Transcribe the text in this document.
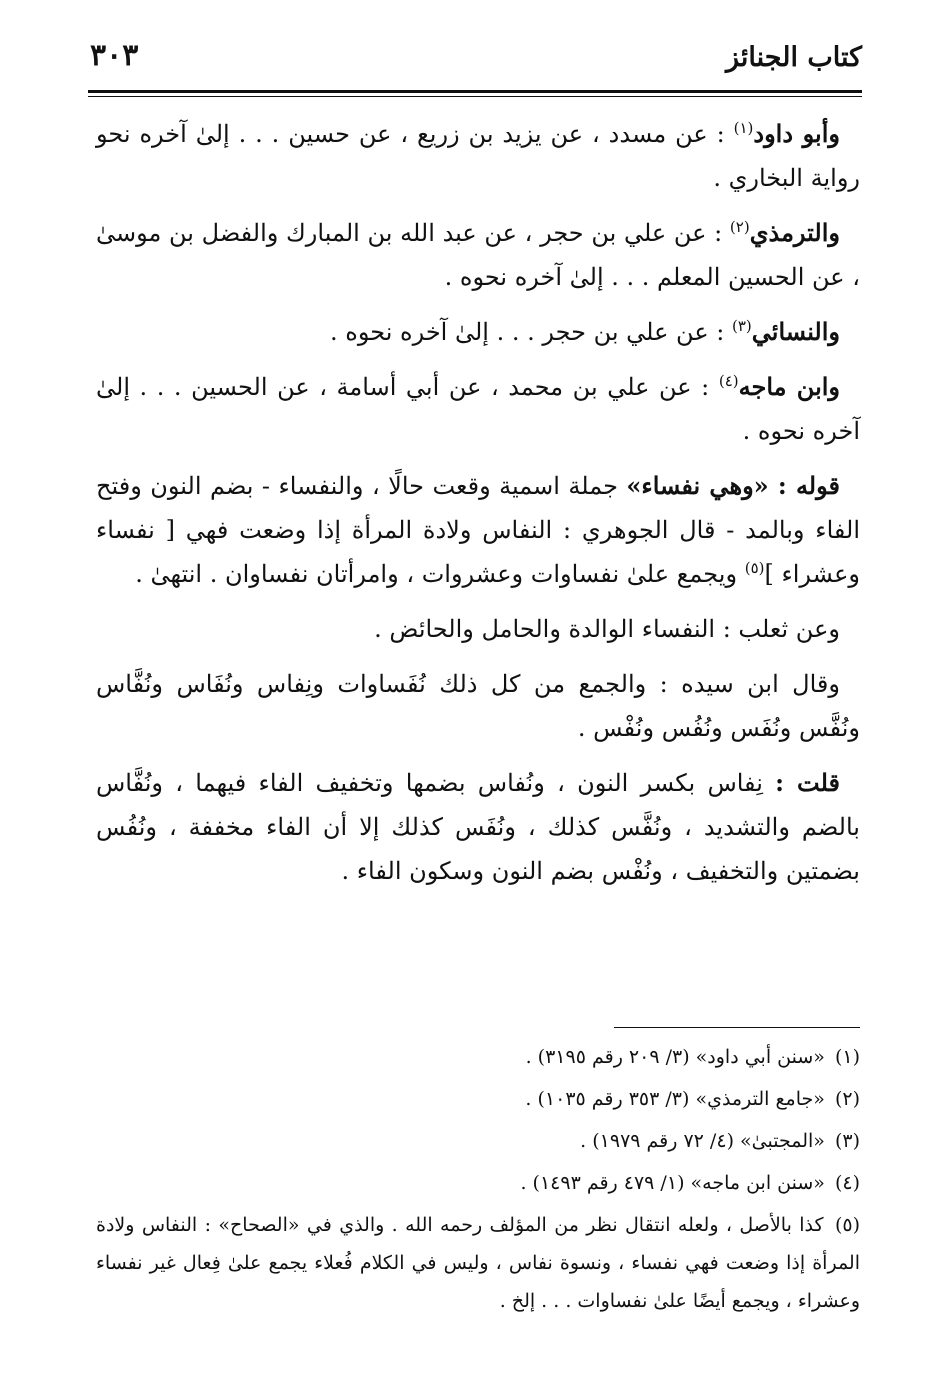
كتاب الجنائز
٣٠٣

وأبو داود$^{(١)}$ : عن مسدد ، عن يزيد بن زريع ، عن حسين . . . إلىٰ آخره نحو رواية البخاري .

والترمذي$^{(٢)}$ : عن علي بن حجر ، عن عبد الله بن المبارك والفضل بن موسىٰ ، عن الحسين المعلم . . . إلىٰ آخره نحوه .

والنسائي$^{(٣)}$ : عن علي بن حجر . . . إلىٰ آخره نحوه .

وابن ماجه$^{(٤)}$ : عن علي بن محمد ، عن أبي أسامة ، عن الحسين . . . إلىٰ آخره نحوه .

قوله : «وهي نفساء» جملة اسمية وقعت حالًا ، والنفساء - بضم النون وفتح الفاء وبالمد - قال الجوهري : النفاس ولادة المرأة إذا وضعت فهي [ نفساء وعشراء ]$^{(٥)}$ ويجمع علىٰ نفساوات وعشروات ، وامرأتان نفساوان . انتهىٰ .

وعن ثعلب : النفساء الوالدة والحامل والحائض .

وقال ابن سيده : والجمع من كل ذلك نُفَساوات ونِفاس ونُفَاس ونُفَّاس ونُفَّس ونُفَس ونُفُس ونُفْس .

قلت : نِفاس بكسر النون ، ونُفاس بضمها وتخفيف الفاء فيهما ، ونُفَّاس بالضم والتشديد ، ونُفَّس كذلك ، ونُفَس كذلك إلا أن الفاء مخففة ، ونُفُس بضمتين والتخفيف ، ونُفْس بضم النون وسكون الفاء .

(١) «سنن أبي داود» (٣/ ٢٠٩ رقم ٣١٩٥) .

(٢) «جامع الترمذي» (٣/ ٣٥٣ رقم ١٠٣٥) .

(٣) «المجتبىٰ» (٤/ ٧٢ رقم ١٩٧٩) .

(٤) «سنن ابن ماجه» (١/ ٤٧٩ رقم ١٤٩٣) .

(٥) كذا بالأصل ، ولعله انتقال نظر من المؤلف رحمه الله . والذي في «الصحاح» : النفاس ولادة المرأة إذا وضعت فهي نفساء ، ونسوة نفاس ، وليس في الكلام فُعلاء يجمع علىٰ فِعال غير نفساء وعشراء ، ويجمع أيضًا علىٰ نفساوات . . . إلخ .
